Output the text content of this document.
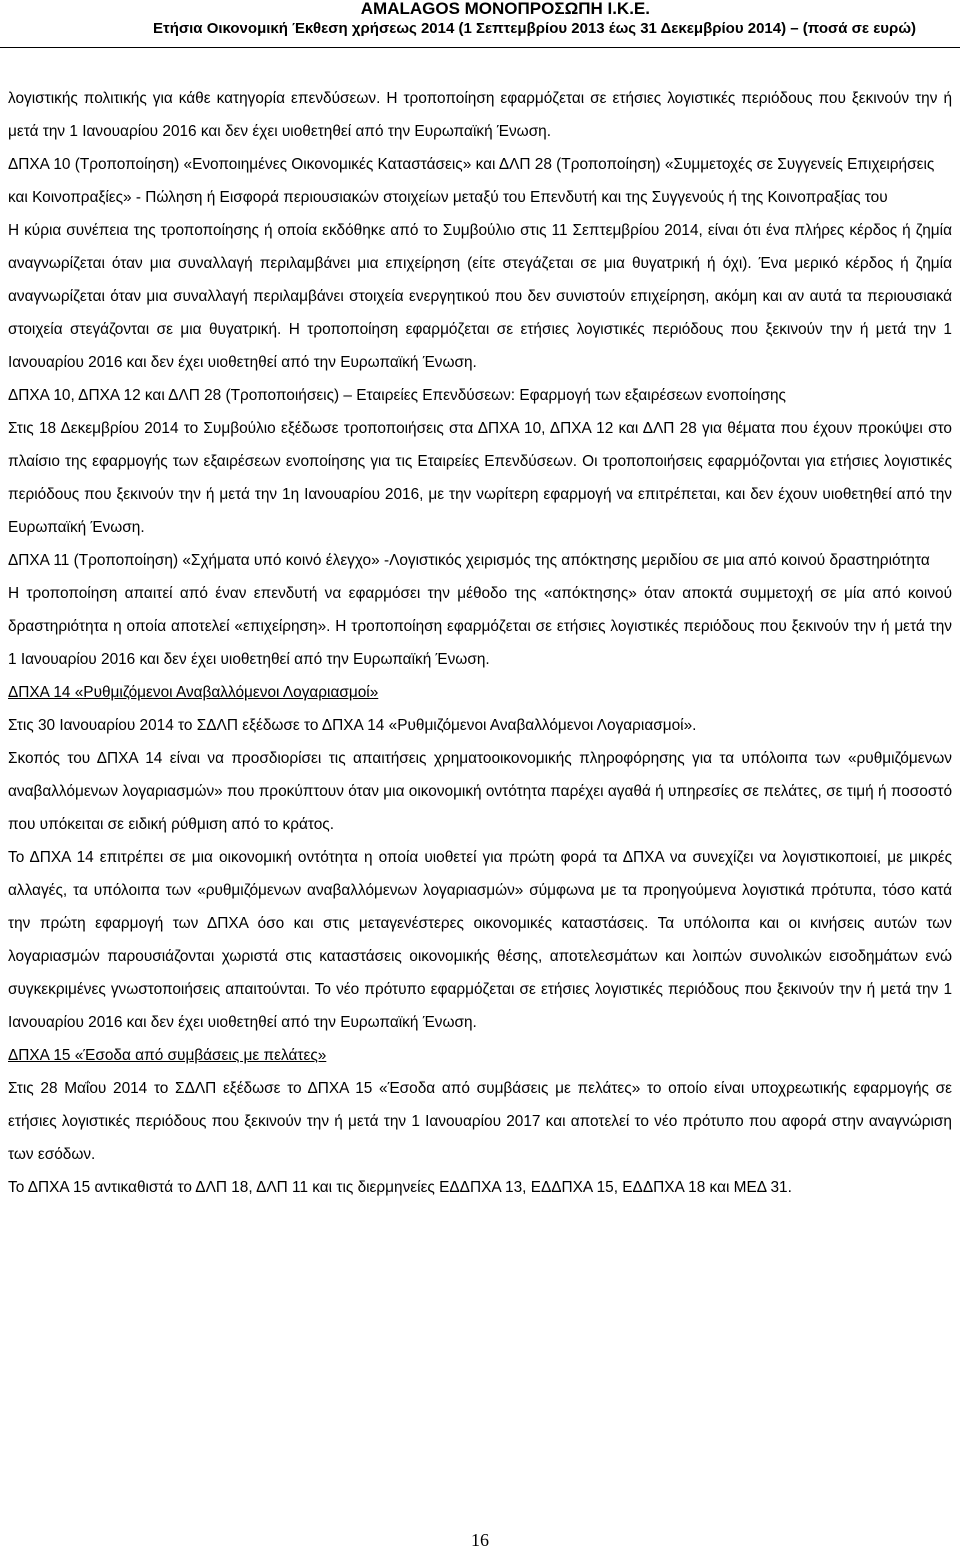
AMALAGOS ΜΟΝΟΠΡΟΣΩΠΗ Ι.Κ.Ε.
Ετήσια Οικονομική Έκθεση χρήσεως 2014 (1 Σεπτεμβρίου 2013 έως 31 Δεκεμβρίου 2014) – (ποσά σε ευρώ)

λογιστικής πολιτικής για κάθε κατηγορία επενδύσεων. Η τροποποίηση εφαρμόζεται σε ετήσιες λογιστικές περιόδους που ξεκινούν την ή μετά την 1 Ιανουαρίου 2016 και δεν έχει υιοθετηθεί από την Ευρωπαϊκή Ένωση.

ΔΠΧΑ 10 (Τροποποίηση) «Ενοποιημένες Οικονομικές Καταστάσεις» και ΔΛΠ 28 (Τροποποίηση) «Συμμετοχές σε Συγγενείς Επιχειρήσεις και Κοινοπραξίες» - Πώληση ή Εισφορά περιουσιακών στοιχείων μεταξύ του Επενδυτή και της Συγγενούς ή της Κοινοπραξίας του

Η κύρια συνέπεια της τροποποίησης ή οποία εκδόθηκε από το Συμβούλιο στις 11 Σεπτεμβρίου 2014, είναι ότι ένα πλήρες κέρδος ή ζημία αναγνωρίζεται όταν μια συναλλαγή περιλαμβάνει μια επιχείρηση (είτε στεγάζεται σε μια θυγατρική ή όχι). Ένα μερικό κέρδος ή ζημία αναγνωρίζεται όταν μια συναλλαγή περιλαμβάνει στοιχεία ενεργητικού που δεν συνιστούν επιχείρηση, ακόμη και αν αυτά τα περιουσιακά στοιχεία στεγάζονται σε μια θυγατρική. Η τροποποίηση εφαρμόζεται σε ετήσιες λογιστικές περιόδους που ξεκινούν την ή μετά την 1 Ιανουαρίου 2016 και δεν έχει υιοθετηθεί από την Ευρωπαϊκή Ένωση.

ΔΠΧΑ 10, ΔΠΧΑ 12 και ΔΛΠ 28 (Τροποποιήσεις) – Εταιρείες Επενδύσεων: Εφαρμογή των εξαιρέσεων ενοποίησης

Στις 18 Δεκεμβρίου 2014 το Συμβούλιο εξέδωσε τροποποιήσεις στα ΔΠΧΑ 10, ΔΠΧΑ 12 και ΔΛΠ 28 για θέματα που έχουν προκύψει στο πλαίσιο της εφαρμογής των εξαιρέσεων ενοποίησης για τις Εταιρείες Επενδύσεων. Οι τροποποιήσεις εφαρμόζονται για ετήσιες λογιστικές περιόδους που ξεκινούν την ή μετά την 1η Ιανουαρίου 2016, με την νωρίτερη εφαρμογή να επιτρέπεται, και δεν έχουν υιοθετηθεί από την Ευρωπαϊκή Ένωση.

ΔΠΧΑ 11 (Τροποποίηση) «Σχήματα υπό κοινό έλεγχο» -Λογιστικός χειρισμός της απόκτησης μεριδίου σε μια από κοινού δραστηριότητα

Η τροποποίηση απαιτεί από έναν επενδυτή να εφαρμόσει την μέθοδο της «απόκτησης» όταν αποκτά συμμετοχή σε μία από κοινού δραστηριότητα η οποία αποτελεί «επιχείρηση». Η τροποποίηση εφαρμόζεται σε ετήσιες λογιστικές περιόδους που ξεκινούν την ή μετά την 1 Ιανουαρίου 2016 και δεν έχει υιοθετηθεί από την Ευρωπαϊκή Ένωση.

ΔΠΧΑ 14 «Ρυθμιζόμενοι Αναβαλλόμενοι Λογαριασμοί»

Στις 30 Ιανουαρίου 2014 το ΣΔΛΠ εξέδωσε το ΔΠΧΑ 14 «Ρυθμιζόμενοι Αναβαλλόμενοι Λογαριασμοί».

Σκοπός του ΔΠΧΑ 14 είναι να προσδιορίσει τις απαιτήσεις χρηματοοικονομικής πληροφόρησης για τα υπόλοιπα των «ρυθμιζόμενων αναβαλλόμενων λογαριασμών» που προκύπτουν όταν μια οικονομική οντότητα παρέχει αγαθά ή υπηρεσίες σε πελάτες, σε τιμή ή ποσοστό που υπόκειται σε ειδική ρύθμιση από το κράτος.

Το ΔΠΧΑ 14 επιτρέπει σε μια οικονομική οντότητα η οποία υιοθετεί για πρώτη φορά τα ΔΠΧΑ να συνεχίζει να λογιστικοποιεί, με μικρές αλλαγές, τα υπόλοιπα των «ρυθμιζόμενων αναβαλλόμενων λογαριασμών» σύμφωνα με τα προηγούμενα λογιστικά πρότυπα, τόσο κατά την πρώτη εφαρμογή των ΔΠΧΑ όσο και στις μεταγενέστερες οικονομικές καταστάσεις. Τα υπόλοιπα και οι κινήσεις αυτών των λογαριασμών παρουσιάζονται χωριστά στις καταστάσεις οικονομικής θέσης, αποτελεσμάτων και λοιπών συνολικών εισοδημάτων ενώ συγκεκριμένες γνωστοποιήσεις απαιτούνται. Το νέο πρότυπο εφαρμόζεται σε ετήσιες λογιστικές περιόδους που ξεκινούν την ή μετά την 1 Ιανουαρίου 2016 και δεν έχει υιοθετηθεί από την Ευρωπαϊκή Ένωση.

ΔΠΧΑ 15 «Έσοδα από συμβάσεις με πελάτες»

Στις 28 Μαΐου 2014 το ΣΔΛΠ εξέδωσε το ΔΠΧΑ 15 «Έσοδα από συμβάσεις με πελάτες» το οποίο είναι υποχρεωτικής εφαρμογής σε ετήσιες λογιστικές περιόδους που ξεκινούν την ή μετά την 1 Ιανουαρίου 2017 και αποτελεί το νέο πρότυπο που αφορά στην αναγνώριση των εσόδων.

Το ΔΠΧΑ 15 αντικαθιστά το ΔΛΠ 18, ΔΛΠ 11 και τις διερμηνείες ΕΔΔΠΧΑ 13, ΕΔΔΠΧΑ 15, ΕΔΔΠΧΑ 18 και ΜΕΔ 31.

16
